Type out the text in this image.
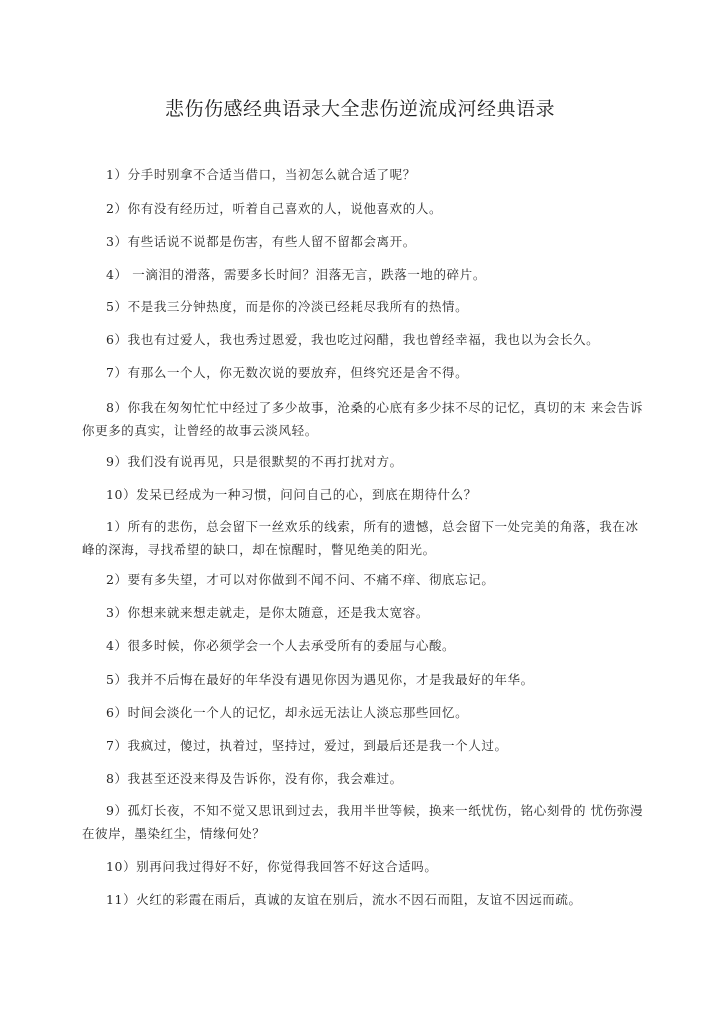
悲伤伤感经典语录大全悲伤逆流成河经典语录
1）分手时别拿不合适当借口，当初怎么就合适了呢？
2）你有没有经历过，听着自己喜欢的人，说他喜欢的人。
3）有些话说不说都是伤害，有些人留不留都会离开。
4） 一滴泪的滑落，需要多长时间？泪落无言，跌落一地的碎片。
5）不是我三分钟热度，而是你的冷淡已经耗尽我所有的热情。
6）我也有过爱人，我也秀过恩爱，我也吃过闷醋，我也曾经幸福，我也以为会长久。
7）有那么一个人，你无数次说的要放弃，但终究还是舍不得。
8）你我在匆匆忙忙中经过了多少故事，沧桑的心底有多少抹不尽的记忆，真切的末 来会告诉你更多的真实，让曾经的故事云淡风轻。
9）我们没有说再见，只是很默契的不再打扰对方。
10）发呆已经成为一种习惯，问问自己的心，到底在期待什么？
1）所有的悲伤，总会留下一丝欢乐的线索，所有的遗憾，总会留下一处完美的角落，我在冰峰的深海，寻找希望的缺口，却在惊醒时，瞥见绝美的阳光。
2）要有多失望，才可以对你做到不闻不问、不痛不痒、彻底忘记。
3）你想来就来想走就走，是你太随意，还是我太宽容。
4）很多时候，你必须学会一个人去承受所有的委屈与心酸。
5）我并不后悔在最好的年华没有遇见你因为遇见你，才是我最好的年华。
6）时间会淡化一个人的记忆，却永远无法让人淡忘那些回忆。
7）我疯过，傻过，执着过，坚持过，爱过，到最后还是我一个人过。
8）我甚至还没来得及告诉你，没有你，我会难过。
9）孤灯长夜，不知不觉又思讯到过去，我用半世等候，换来一纸忧伤，铭心刻骨的 忧伤弥漫在彼岸，墨染红尘，情缘何处？
10）别再问我过得好不好，你觉得我回答不好这合适吗。
11）火红的彩霞在雨后，真诚的友谊在别后，流水不因石而阻，友谊不因远而疏。
